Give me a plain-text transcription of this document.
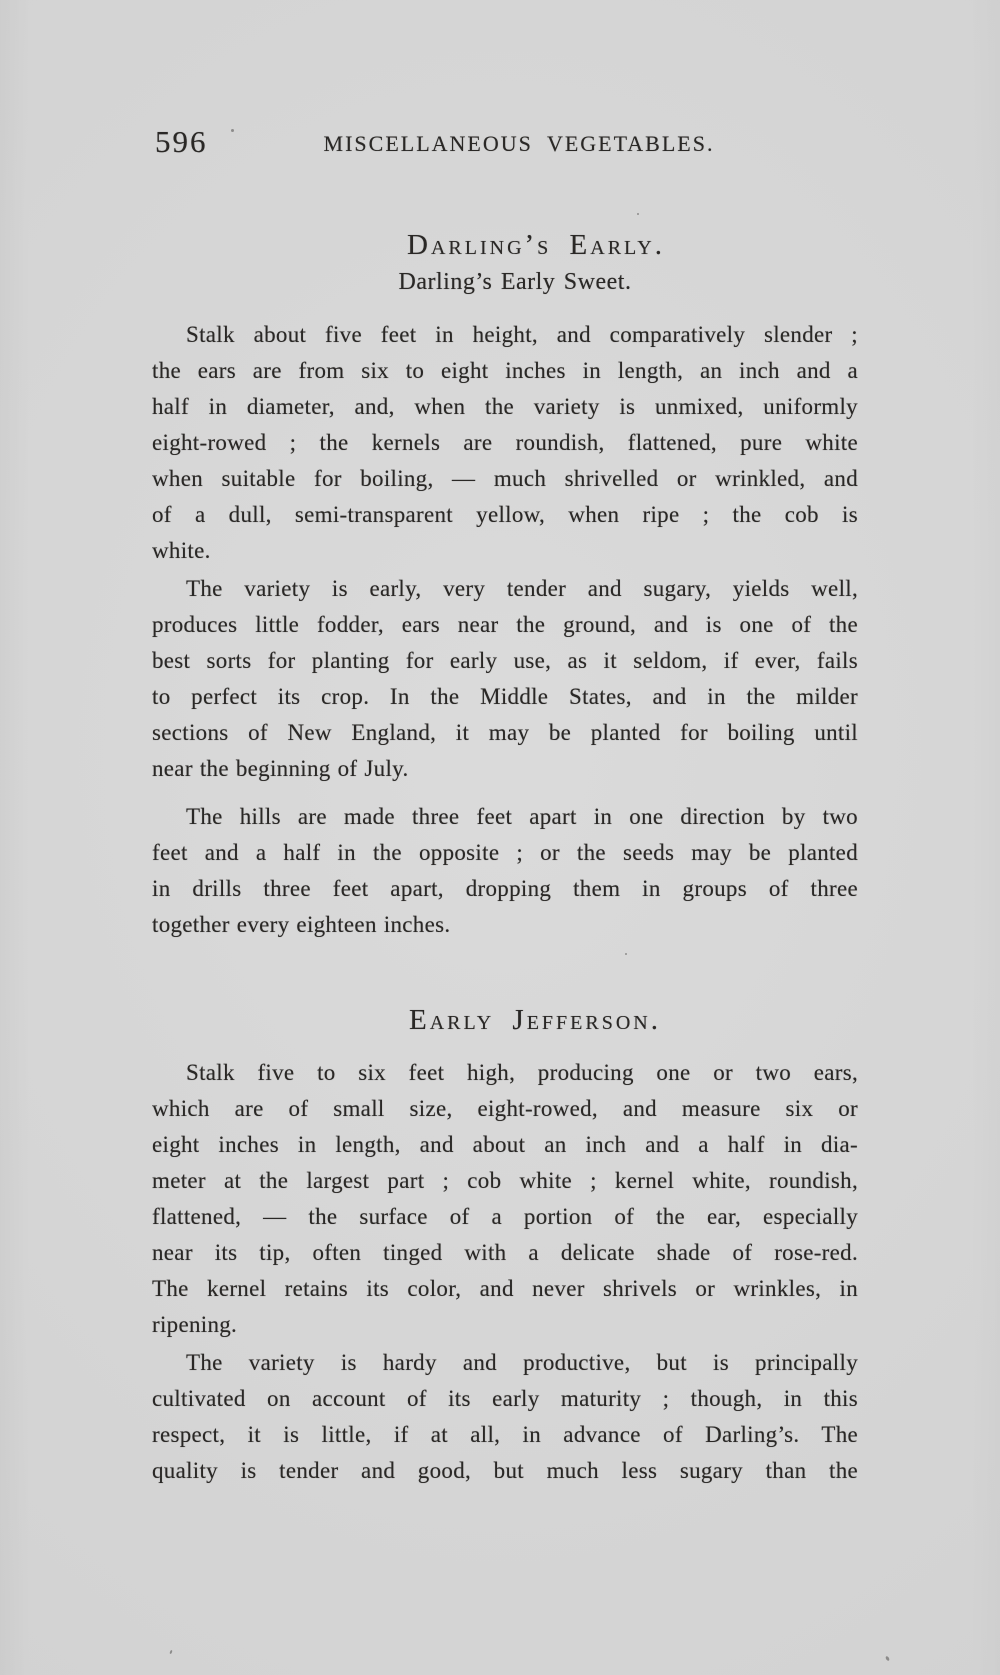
596	MISCELLANEOUS VEGETABLES.
Darling’s Early.
Darling’s Early Sweet.
Stalk about five feet in height, and comparatively slender ;
the ears are from six to eight inches in length, an inch and a
half in diameter, and, when the variety is unmixed, uniformly
eight-rowed ; the kernels are roundish, flattened, pure white
when suitable for boiling, — much shrivelled or wrinkled, and
of a dull, semi-transparent yellow, when ripe ; the cob is
white.
The variety is early, very tender and sugary, yields well,
produces little fodder, ears near the ground, and is one of the
best sorts for planting for early use, as it seldom, if ever, fails
to perfect its crop. In the Middle States, and in the milder
sections of New England, it may be planted for boiling until
near the beginning of July.
The hills are made three feet apart in one direction by two
feet and a half in the opposite ; or the seeds may be planted
in drills three feet apart, dropping them in groups of three
together every eighteen inches.
Early Jefferson.
Stalk five to six feet high, producing one or two ears,
which are of small size, eight-rowed, and measure six or
eight inches in length, and about an inch and a half in dia-
meter at the largest part ; cob white ; kernel white, roundish,
flattened, — the surface of a portion of the ear, especially
near its tip, often tinged with a delicate shade of rose-red.
The kernel retains its color, and never shrivels or wrinkles, in
ripening.
The variety is hardy and productive, but is principally
cultivated on account of its early maturity ; though, in this
respect, it is little, if at all, in advance of Darling’s. The
quality is tender and good, but much less sugary than the
